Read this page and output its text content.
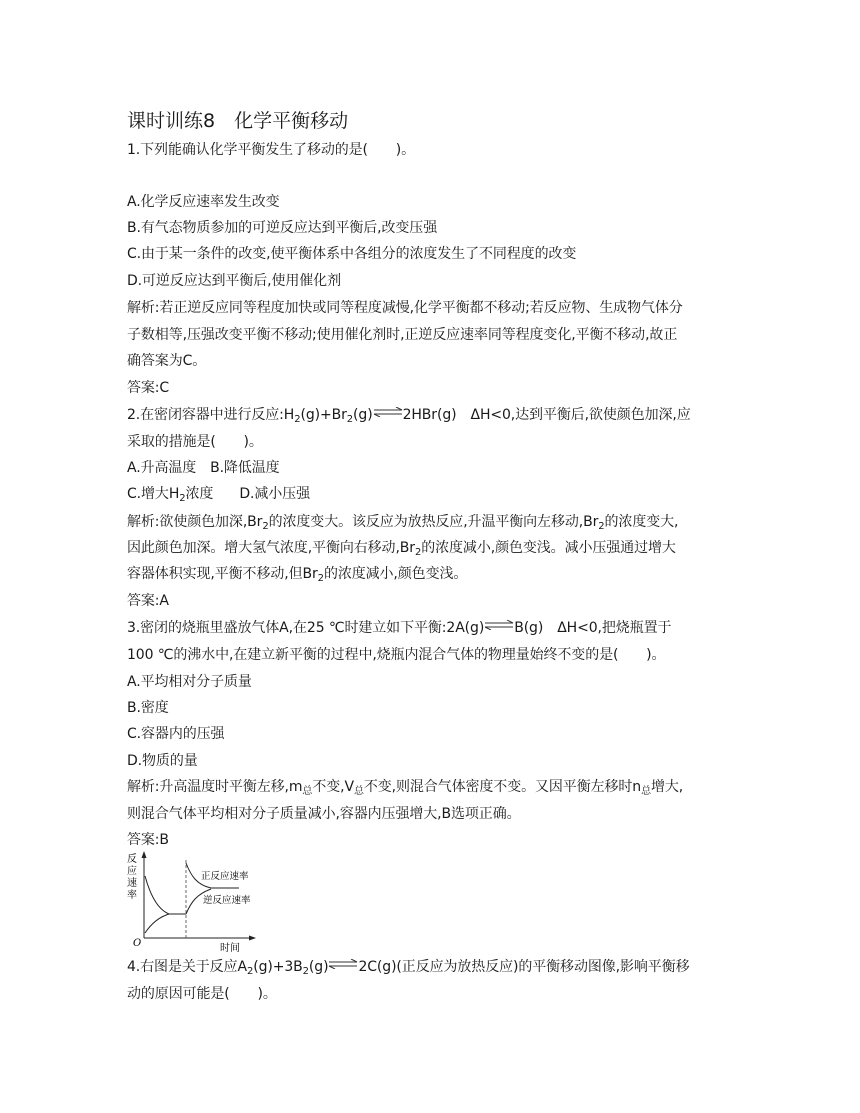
课时训练8　化学平衡移动
1.下列能确认化学平衡发生了移动的是(　　)。
A.化学反应速率发生改变
B.有气态物质参加的可逆反应达到平衡后,改变压强
C.由于某一条件的改变,使平衡体系中各组分的浓度发生了不同程度的改变
D.可逆反应达到平衡后,使用催化剂
解析:若正逆反应同等程度加快或同等程度减慢,化学平衡都不移动;若反应物、生成物气体分
子数相等,压强改变平衡不移动;使用催化剂时,正逆反应速率同等程度变化,平衡不移动,故正
确答案为C。
答案:C
2.在密闭容器中进行反应$:H_2(g)+Br_2(g)\rightleftharpoons 2HBr(g)$ ΔH<0,达到平衡后,欲使颜色加深,应
采取的措施是(　　)。
A.升高温度　B.降低温度
C.增大$H_2$浓度 D.减小压强
解析:欲使颜色加深$,Br_2$的浓度变大。该反应为放热反应,升温平衡向左移动$,Br_2$的浓度变大,
因此颜色加深。增大氢气浓度,平衡向右移动$,Br_2$的浓度减小,颜色变浅。减小压强通过增大
容器体积实现,平衡不移动,但$Br_2$的浓度减小,颜色变浅。
答案:A
3.密闭的烧瓶里盛放气体A,在25 ℃时建立如下平衡:2A(g)⇌B(g) ΔH<0,把烧瓶置于
100 ℃的沸水中,在建立新平衡的过程中,烧瓶内混合气体的物理量始终不变的是(　　)。
A.平均相对分子质量
B.密度
C.容器内的压强
D.物质的量
解析:升高温度时平衡左移$,m_总$不变$,V_总$不变,则混合气体密度不变。又因平衡左移时$n_总$增大,
则混合气体平均相对分子质量减小,容器内压强增大,B选项正确。
答案:B
反
应
速
率
O	时间
正反应速率
逆反应速率
4.右图是关于反应$A_2(g)+3B_2(g)\rightleftharpoons 2C(g)$(正反应为放热反应)的平衡移动图像,影响平衡移
动的原因可能是(　　)。
